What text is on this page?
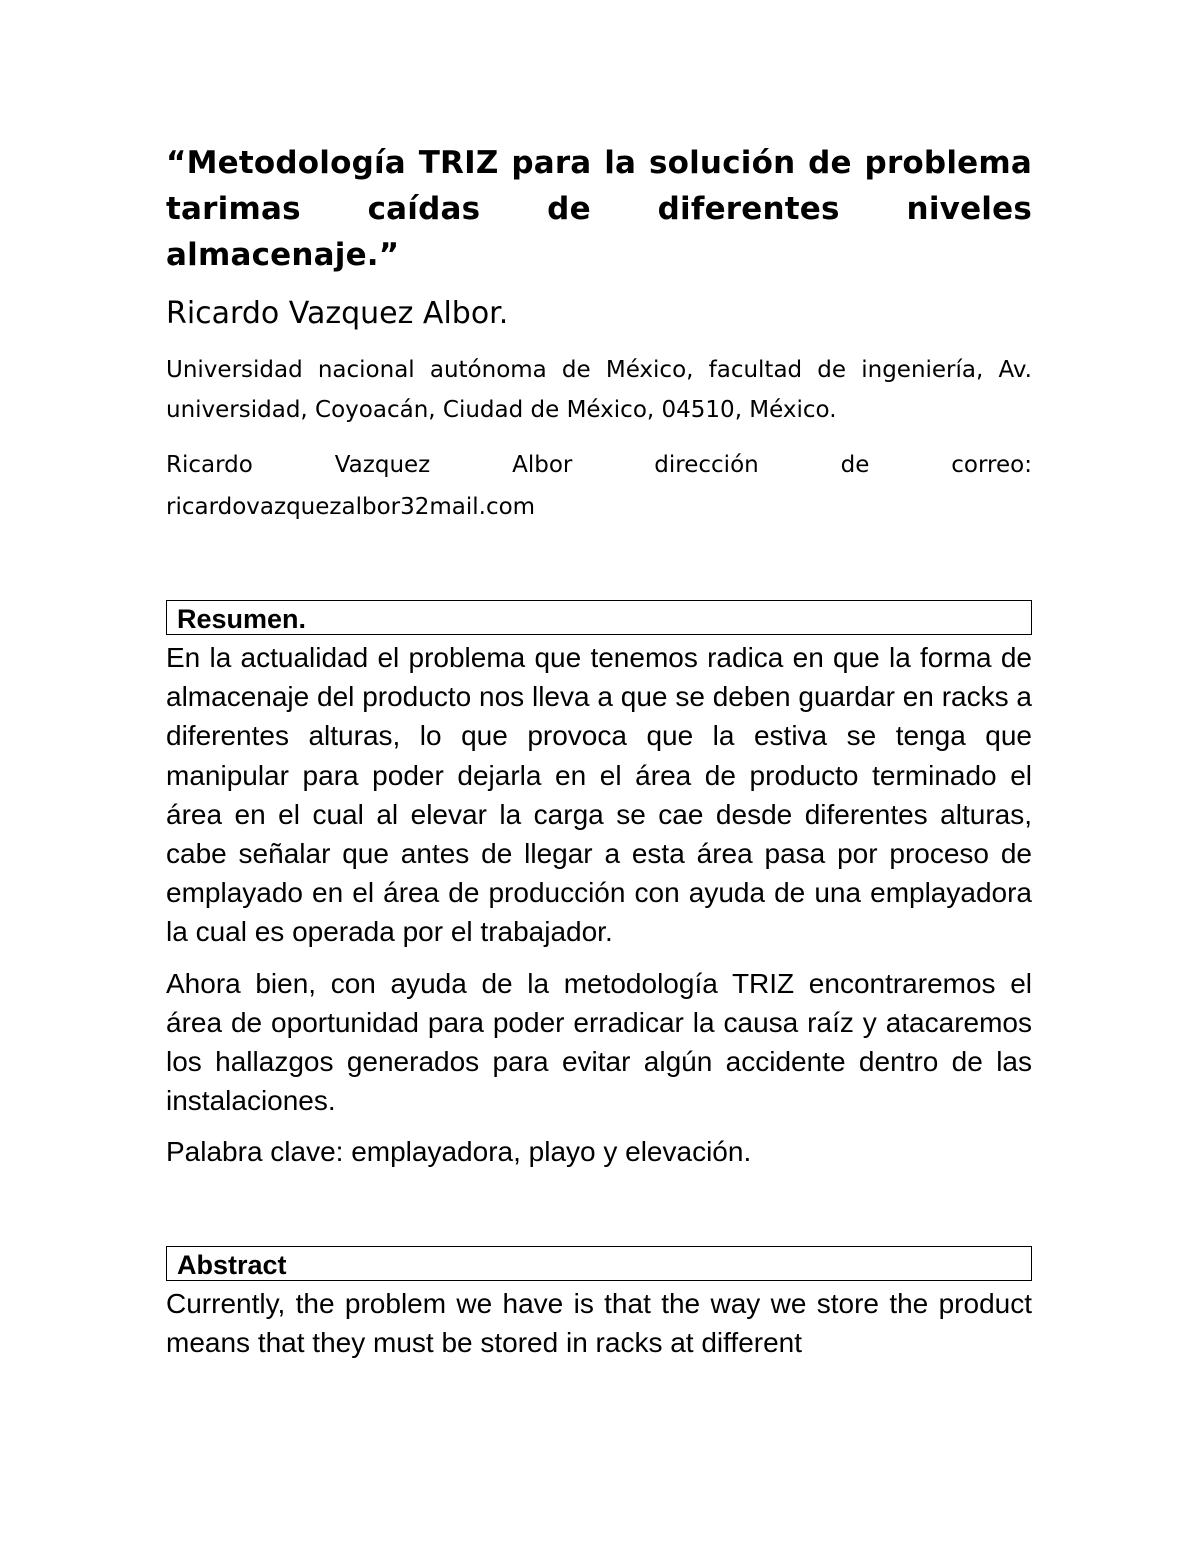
“Metodología TRIZ para la solución de problema tarimas caídas de diferentes niveles almacenaje.”

Ricardo Vazquez Albor.

Universidad nacional autónoma de México, facultad de ingeniería, Av. universidad, Coyoacán, Ciudad de México, 04510, México.

Ricardo	Vazquez	Albor	dirección	de	correo:
ricardovazquezalbor32mail.com
Resumen.

En la actualidad el problema que tenemos radica en que la forma de almacenaje del producto nos lleva a que se deben guardar en racks a diferentes alturas, lo que provoca que la estiva se tenga que manipular para poder dejarla en el área de producto terminado el área en el cual al elevar la carga se cae desde diferentes alturas, cabe señalar que antes de llegar a esta área pasa por proceso de emplayado en el área de producción con ayuda de una emplayadora la cual es operada por el trabajador.

Ahora bien, con ayuda de la metodología TRIZ encontraremos el área de oportunidad para poder erradicar la causa raíz y atacaremos los hallazgos generados para evitar algún accidente dentro de las instalaciones.

Palabra clave: emplayadora, playo y elevación.

Abstract

Currently, the problem we have is that the way we store the product means that they must be stored in racks at different
